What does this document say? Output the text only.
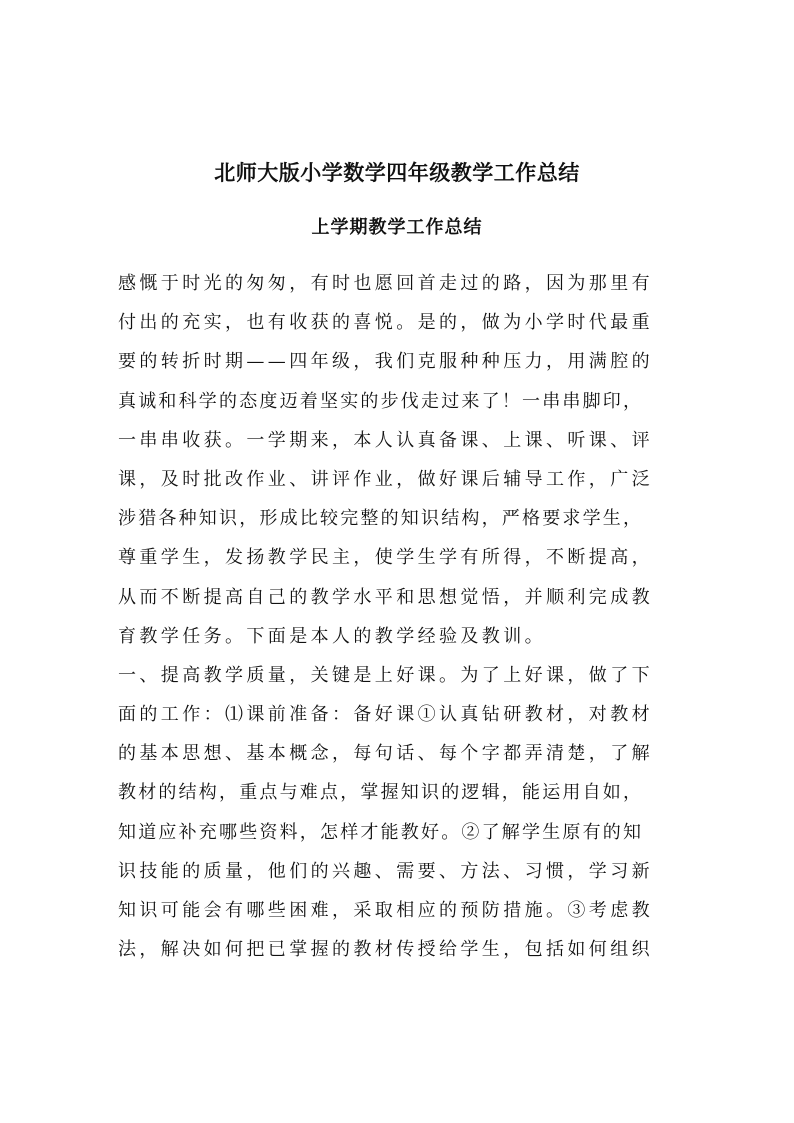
北师大版小学数学四年级教学工作总结
上学期教学工作总结
感慨于时光的匆匆，有时也愿回首走过的路，因为那里有
付出的充实，也有收获的喜悦。是的，做为小学时代最重
要的转折时期——四年级，我们克服种种压力，用满腔的
真诚和科学的态度迈着坚实的步伐走过来了！一串串脚印，
一串串收获。一学期来，本人认真备课、上课、听课、评
课，及时批改作业、讲评作业，做好课后辅导工作，广泛
涉猎各种知识，形成比较完整的知识结构，严格要求学生，
尊重学生，发扬教学民主，使学生学有所得，不断提高，
从而不断提高自己的教学水平和思想觉悟，并顺利完成教
育教学任务。下面是本人的教学经验及教训。
一、提高教学质量，关键是上好课。为了上好课，做了下
面的工作：⑴课前准备：备好课①认真钻研教材，对教材
的基本思想、基本概念，每句话、每个字都弄清楚，了解
教材的结构，重点与难点，掌握知识的逻辑，能运用自如，
知道应补充哪些资料，怎样才能教好。②了解学生原有的知
识技能的质量，他们的兴趣、需要、方法、习惯，学习新
知识可能会有哪些困难，采取相应的预防措施。③考虑教
法，解决如何把已掌握的教材传授给学生，包括如何组织
